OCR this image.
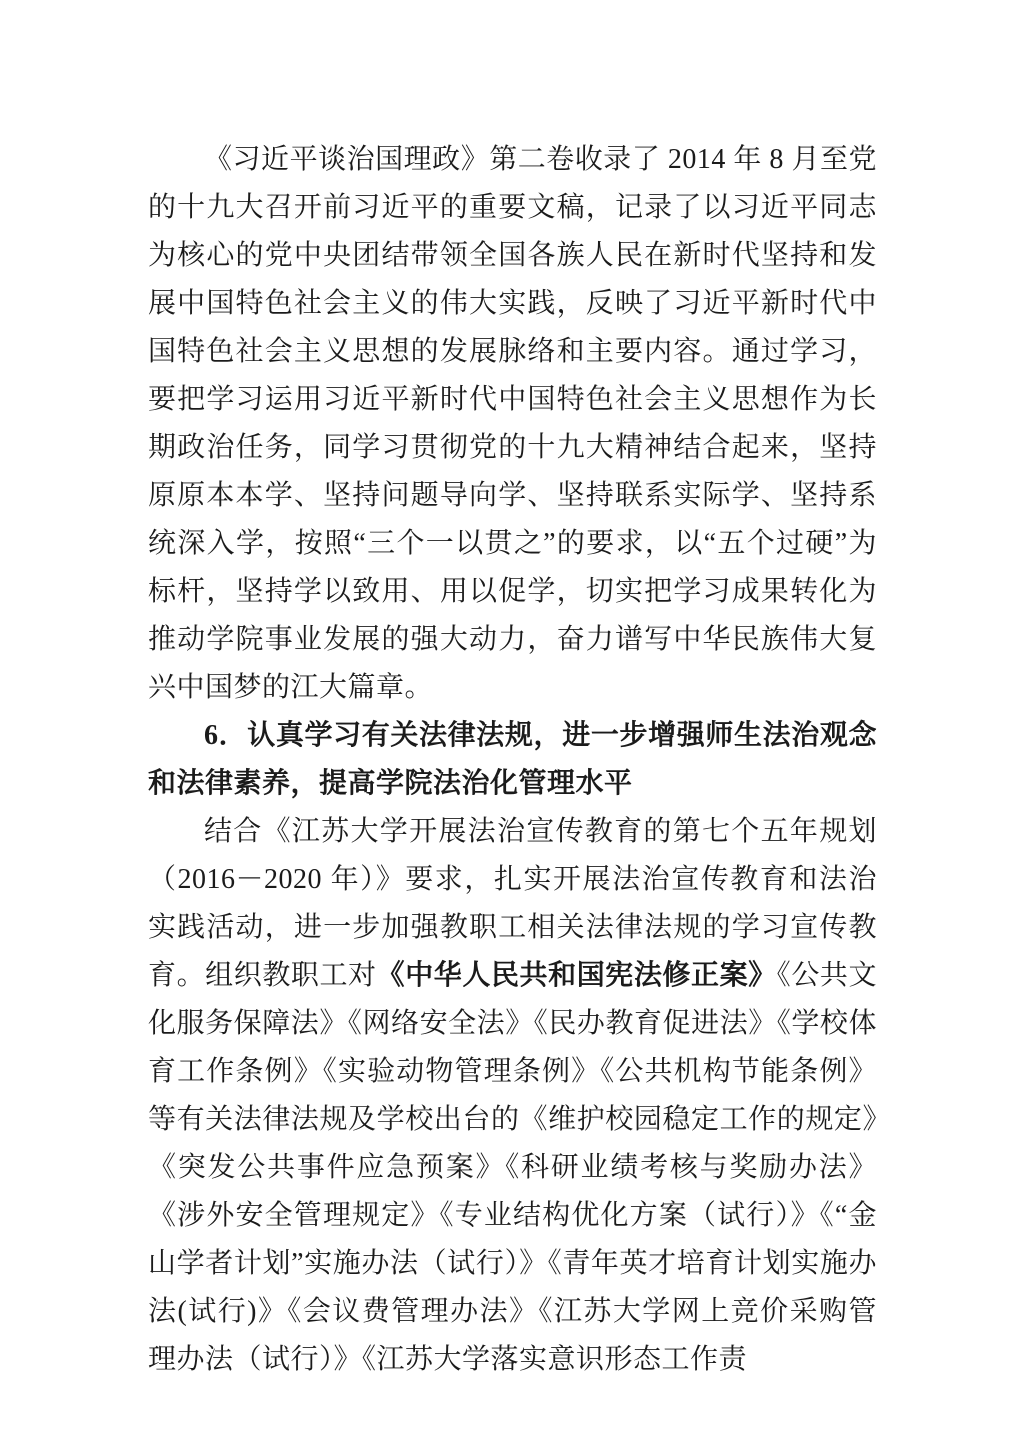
《习近平谈治国理政》第二卷收录了 2014 年 8 月至党的十九大召开前习近平的重要文稿，记录了以习近平同志为核心的党中央团结带领全国各族人民在新时代坚持和发展中国特色社会主义的伟大实践，反映了习近平新时代中国特色社会主义思想的发展脉络和主要内容。通过学习，要把学习运用习近平新时代中国特色社会主义思想作为长期政治任务，同学习贯彻党的十九大精神结合起来，坚持原原本本学、坚持问题导向学、坚持联系实际学、坚持系统深入学，按照“三个一以贯之”的要求，以“五个过硬”为标杆，坚持学以致用、用以促学，切实把学习成果转化为推动学院事业发展的强大动力，奋力谱写中华民族伟大复兴中国梦的江大篇章。

6．认真学习有关法律法规，进一步增强师生法治观念和法律素养，提高学院法治化管理水平

结合《江苏大学开展法治宣传教育的第七个五年规划（2016－2020 年）》要求，扎实开展法治宣传教育和法治实践活动，进一步加强教职工相关法律法规的学习宣传教育。组织教职工对《中华人民共和国宪法修正案》《公共文化服务保障法》《网络安全法》《民办教育促进法》《学校体育工作条例》《实验动物管理条例》《公共机构节能条例》等有关法律法规及学校出台的《维护校园稳定工作的规定》《突发公共事件应急预案》《科研业绩考核与奖励办法》《涉外安全管理规定》《专业结构优化方案（试行）》《“金山学者计划”实施办法（试行）》《青年英才培育计划实施办法(试行)》《会议费管理办法》《江苏大学网上竞价采购管理办法（试行）》《江苏大学落实意识形态工作责
